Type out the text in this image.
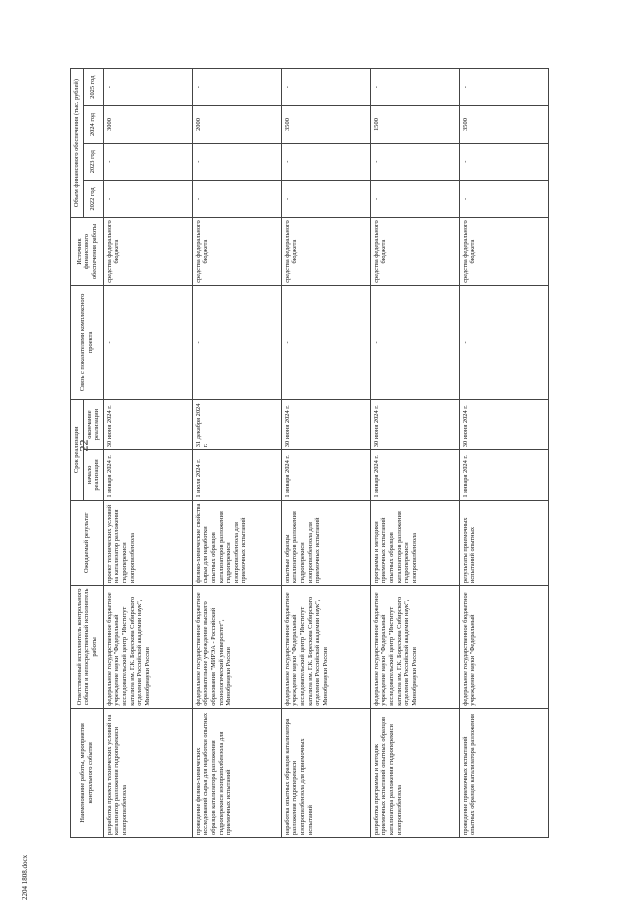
22
Наименование работы, мероприятия контрольного события	Ответственный исполнитель контрольного события и непосредственный исполнитель работы	Ожидаемый результат	Срок реализации		Связь с показателями комплексного проекта	Источник финансового обеспечения работы	Объем финансового обеспечения (тыс. рублей)			
			начало реализации	окончание реализации			2022 год	2023 год	2024 год	2025 год

разработка проекта технических условий на катализатор разложения гидроперекиси изопропилбензола	федеральное государственное бюджетное учреждение науки "Федеральный исследовательский центр "Институт катализа им. Г.К. Борескова Сибирского отделения Российской академии наук", Минобрнауки России	проект технических условий на катализатор разложения гидроперекиси изопропилбензола	1 января 2024 г.	30 июня 2024 г.	-	средства федерального бюджета	-	-	3000	-
проведение физико-химических исследований сырья для наработки опытных образцов катализатора разложения гидроперекиси изопропилбензола для приемочных испытаний	федеральное государственное бюджетное образовательное учреждение высшего образования "МИРЭА - Российский технологический университет", Минобрнауки России	физико-химические свойства сырья для наработки опытных образцов катализаторов разложения гидроперекиси изопропилбензола для приемочных испытаний	1 июля 2024 г.	31 декабря 2024 г.	-	средства федерального бюджета	-	-	2000	-
наработка опытных образцов катализатора разложения гидроперекиси изопропилбензола для приемочных испытаний	федеральное государственное бюджетное учреждение науки "Федеральный исследовательский центр "Институт катализа им. Г.К. Борескова Сибирского отделения Российской академии наук", Минобрнауки России	опытные образцы катализаторов разложения гидроперекиси изопропилбензола для приемочных испытаний	1 января 2024 г.	30 июня 2024 г.	-	средства федерального бюджета	-	-	3500	-
разработка программы и методик приемочных испытаний опытных образцов катализатора разложения гидроперекиси изопропилбензола	федеральное государственное бюджетное учреждение науки "Федеральный исследовательский центр "Институт катализа им. Г.К. Борескова Сибирского отделения Российской академии наук", Минобрнауки России	программа и методики приемочных испытаний опытных образцов катализаторов разложения гидроперекиси изопропилбензола	1 января 2024 г.	30 июня 2024 г.	-	средства федерального бюджета	-	-	1500	-
проведение приемочных испытаний опытных образцов катализатора разложения	федеральное государственное бюджетное учреждение науки "Федеральный	результаты приемочных испытаний опытных	1 января 2024 г.	30 июня 2024 г.	-	средства федерального бюджета	-	-	3500	-
2204 1808.docx
